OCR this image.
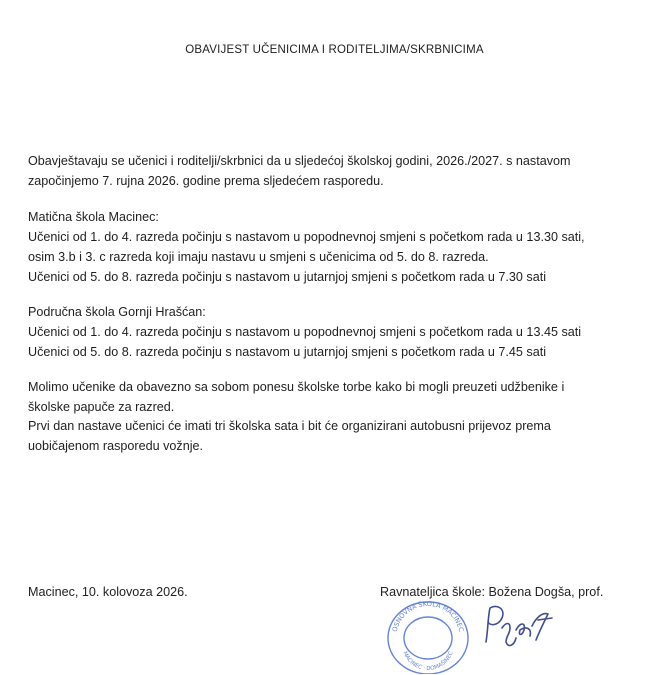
OBAVIJEST UČENICIMA I RODITELJIMA/SKRBNICIMA
Obavještavaju se učenici i roditelji/skrbnici da u sljedećoj školskoj godini, 2026./2027. s nastavom
započinjemo 7. rujna 2026. godine prema sljedećem rasporedu.
Matična škola Macinec:
Učenici od 1. do 4. razreda počinju s nastavom u popodnevnoj smjeni s početkom rada u 13.30 sati,
osim 3.b i 3. c razreda koji imaju nastavu u smjeni s učenicima od 5. do 8. razreda.
Učenici od 5. do 8. razreda počinju s nastavom u jutarnjoj smjeni s početkom rada u 7.30 sati
Područna škola Gornji Hrašćan:
Učenici od 1. do 4. razreda počinju s nastavom u popodnevnoj smjeni s početkom rada u 13.45 sati
Učenici od 5. do 8. razreda počinju s nastavom u jutarnjoj smjeni s početkom rada u 7.45 sati
Molimo učenike da obavezno sa sobom ponesu školske torbe kako bi mogli preuzeti udžbenike i
školske papuče za razred.
Prvi dan nastave učenici će imati tri školska sata i bit će organizirani autobusni prijevoz prema
uobičajenom rasporedu vožnje.
Macinec, 10. kolovoza 2026.
OSNOVNA ŠKOLA MACINEC
MACINEC · DOMAŠINEC
Ravnateljica škole: Božena Dogša, prof.
